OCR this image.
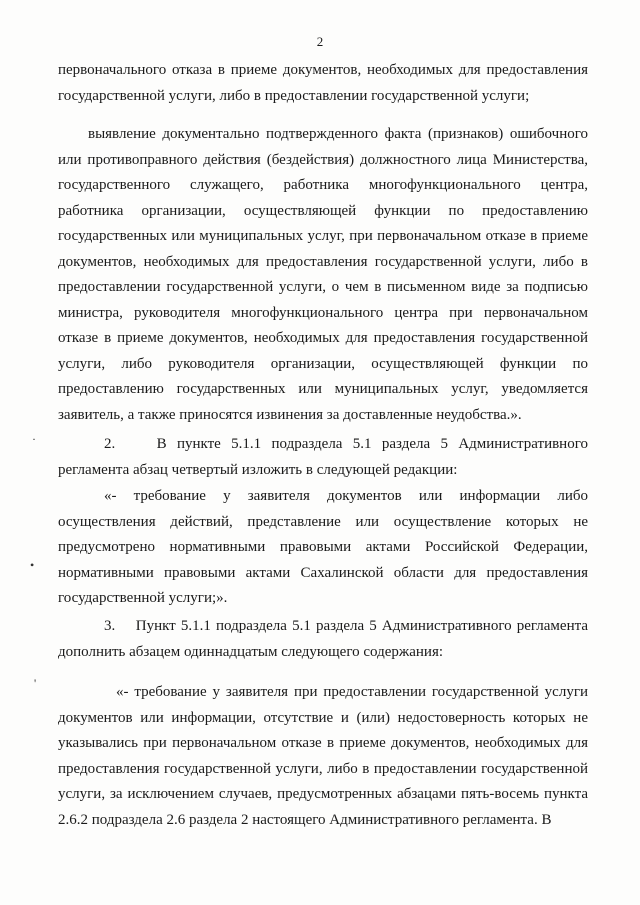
2

первоначального отказа в приеме документов, необходимых для предоставления государственной услуги, либо в предоставлении государственной услуги;

выявление документально подтвержденного факта (признаков) ошибочного или противоправного действия (бездействия) должностного лица Министерства, государственного служащего, работника многофункционального центра, работника организации, осуществляющей функции по предоставлению государственных или муниципальных услуг, при первоначальном отказе в приеме документов, необходимых для предоставления государственной услуги, либо в предоставлении государственной услуги, о чем в письменном виде за подписью министра, руководителя многофункционального центра при первоначальном отказе в приеме документов, необходимых для предоставления государственной услуги, либо руководителя организации, осуществляющей функции по предоставлению государственных или муниципальных услуг, уведомляется заявитель, а также приносятся извинения за доставленные неудобства.».

2.    В пункте 5.1.1 подраздела 5.1 раздела 5 Административного регламента абзац четвертый изложить в следующей редакции:

«- требование у заявителя документов или информации либо осуществления действий, представление или осуществление которых не предусмотрено нормативными правовыми актами Российской Федерации, нормативными правовыми актами Сахалинской области для предоставления государственной услуги;».

3.    Пункт 5.1.1 подраздела 5.1 раздела 5 Административного регламента дополнить абзацем одиннадцатым следующего содержания:

«- требование у заявителя при предоставлении государственной услуги документов или информации, отсутствие и (или) недостоверность которых не указывались при первоначальном отказе в приеме документов, необходимых для предоставления государственной услуги, либо в предоставлении государственной услуги, за исключением случаев, предусмотренных абзацами пять-восемь пункта 2.6.2 подраздела 2.6 раздела 2 настоящего Административного регламента. В

·
•
'
